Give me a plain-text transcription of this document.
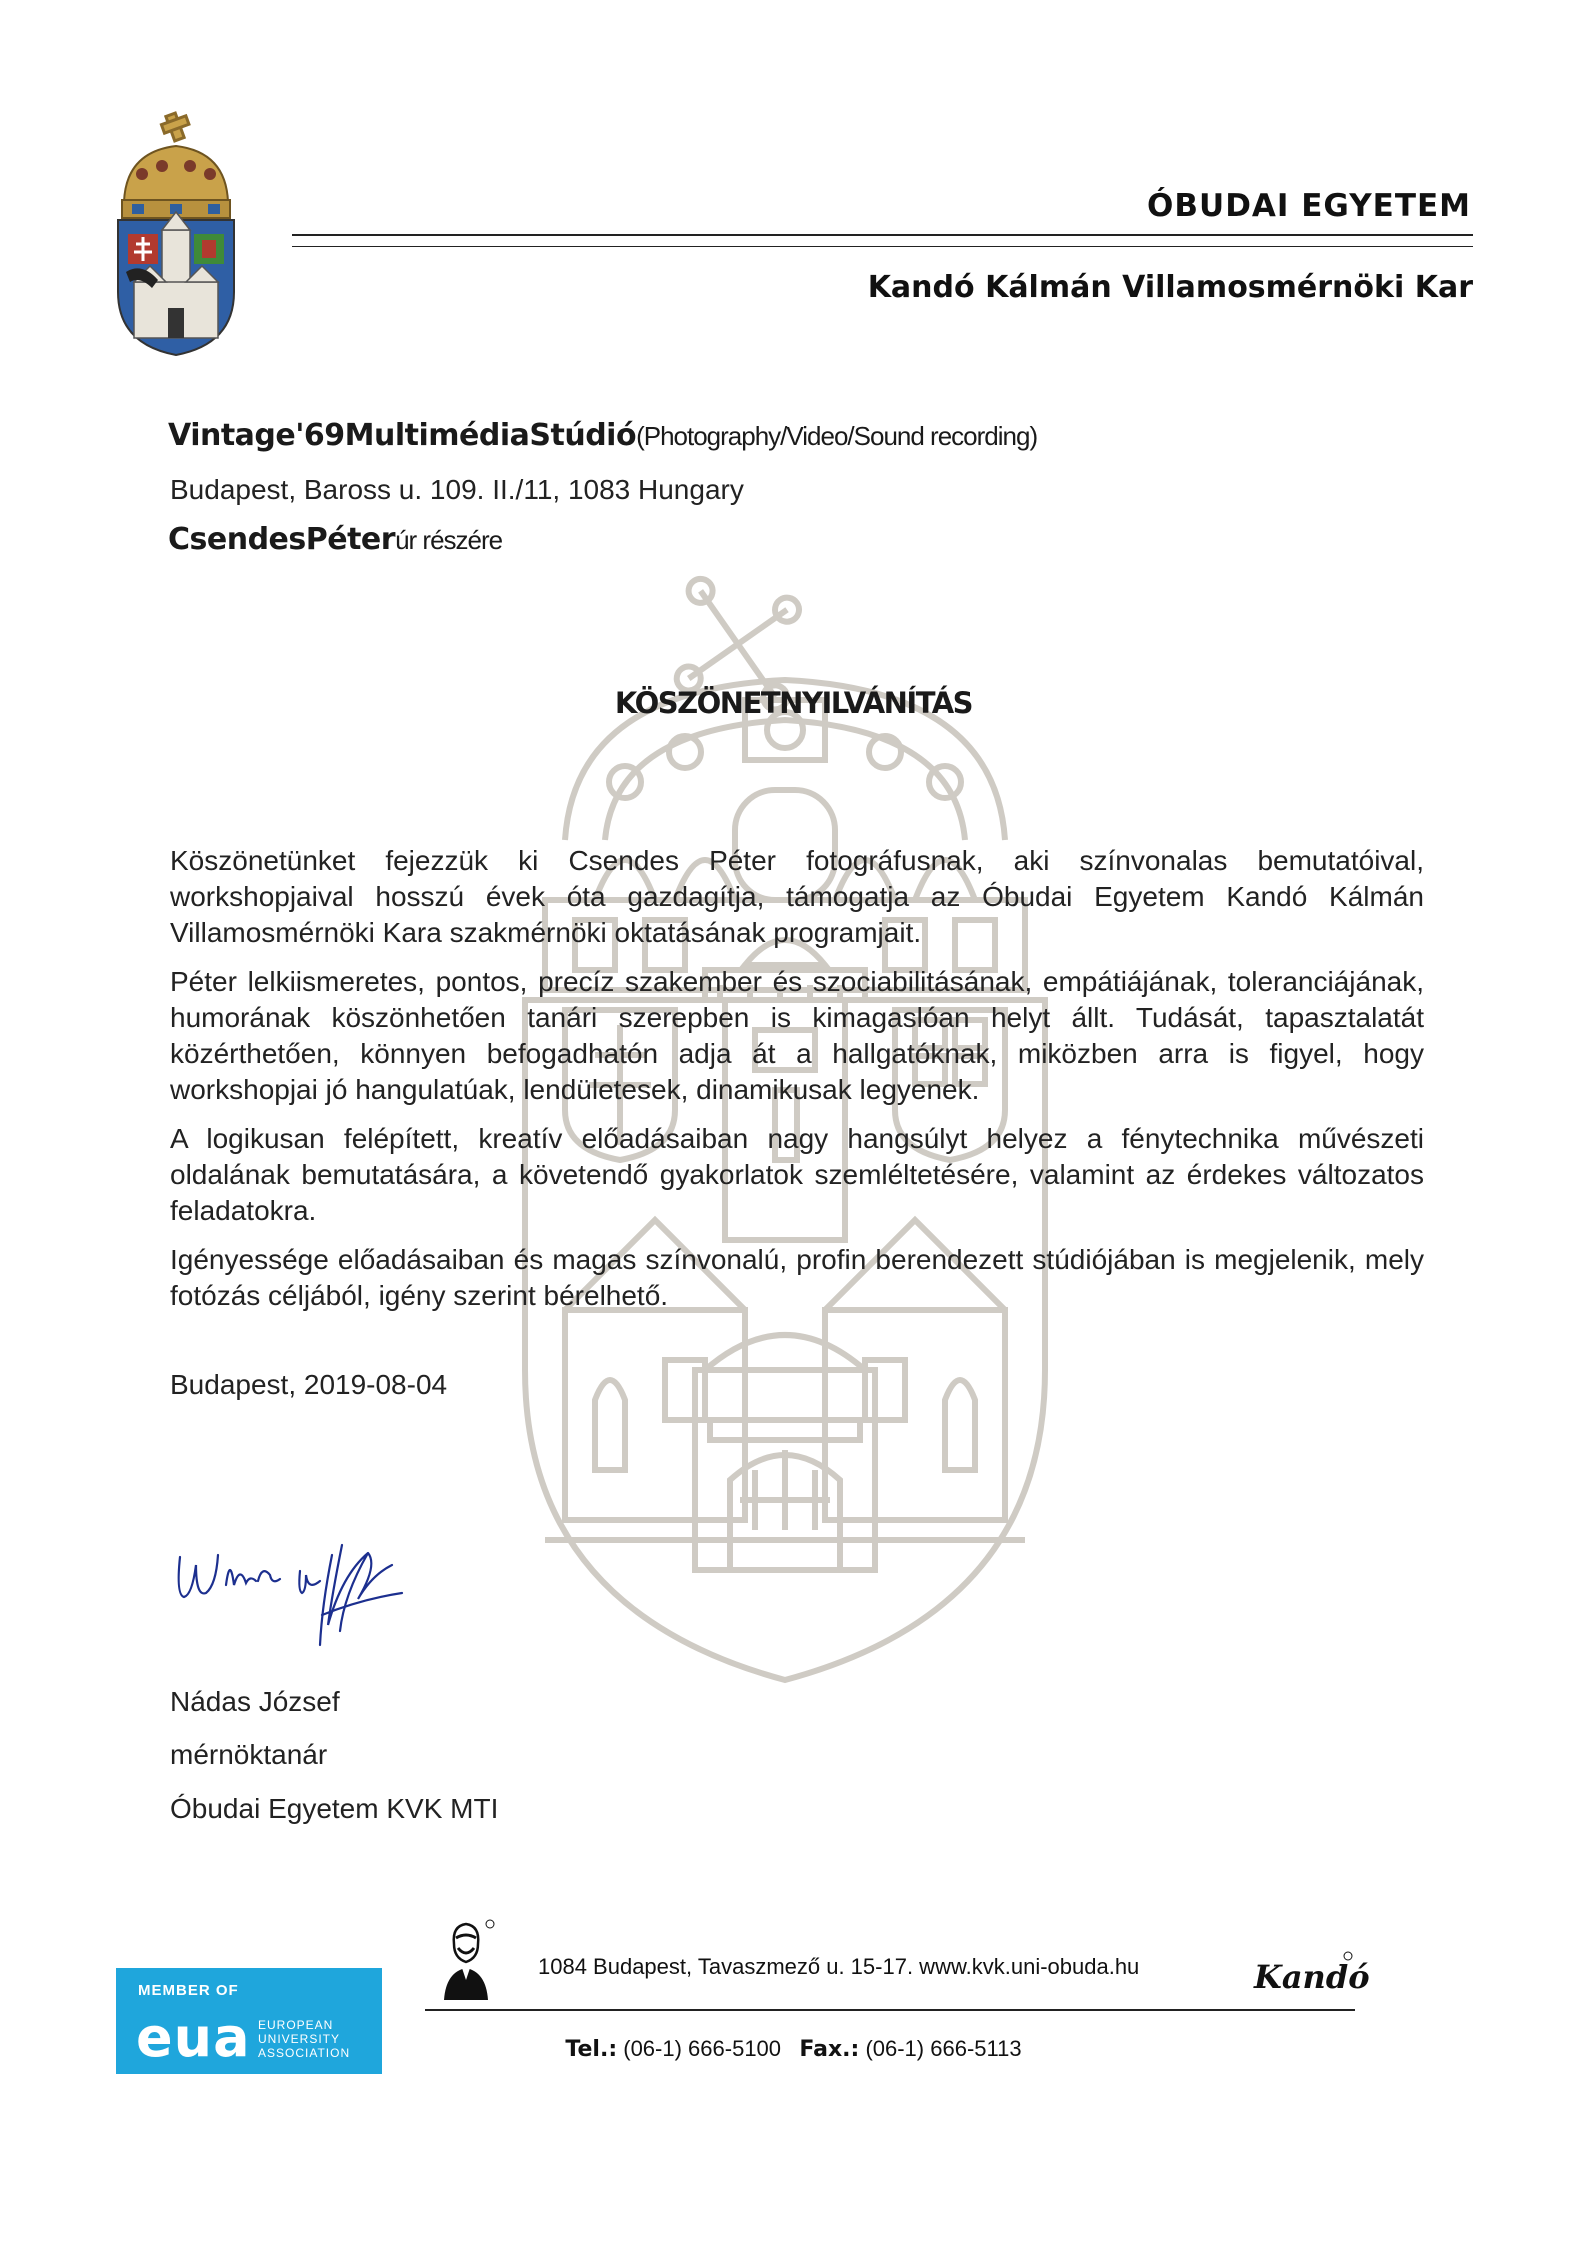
ÓBUDAI EGYETEM
Kandó Kálmán Villamosmérnöki Kar
Vintage'69MultimédiaStúdió(Photography/Video/Sound recording)
Budapest, Baross u. 109. II./11, 1083 Hungary
CsendesPéterúr részére
KÖSZÖNETNYILVÁNÍTÁS

Köszönetünket fejezzük ki Csendes Péter fotográfusnak, aki színvonalas bemutatóival, workshopjaival hosszú évek óta gazdagítja, támogatja az Óbudai Egyetem Kandó Kálmán Villamosmérnöki Kara szakmérnöki oktatásának programjait.

Péter lelkiismeretes, pontos, precíz szakember és szociabilitásának, empátiájának, toleranciájának, humorának köszönhetően tanári szerepben is kimagaslóan helyt állt. Tudását, tapasztalatát közérthetően, könnyen befogadhatón adja át a hallgatóknak, miközben arra is figyel, hogy workshopjai jó hangulatúak, lendületesek, dinamikusak legyenek.

A logikusan felépített, kreatív előadásaiban nagy hangsúlyt helyez a fénytechnika művészeti oldalának bemutatására, a követendő gyakorlatok szemléltetésére, valamint az érdekes változatos feladatokra.

Igényessége előadásaiban és magas színvonalú, profin berendezett stúdiójában is megjelenik, mely fotózás céljából, igény szerint bérelhető.

Budapest, 2019-08-04
Nádas József
mérnöktanár
Óbudai Egyetem KVK MTI
MEMBER OF
eua EUROPEAN
UNIVERSITY
ASSOCIATION
1084 Budapest, Tavaszmező u. 15-17. www.kvk.uni-obuda.hu	Kandó
Tel.: (06-1) 666-5100 Fax.: (06-1) 666-5113
